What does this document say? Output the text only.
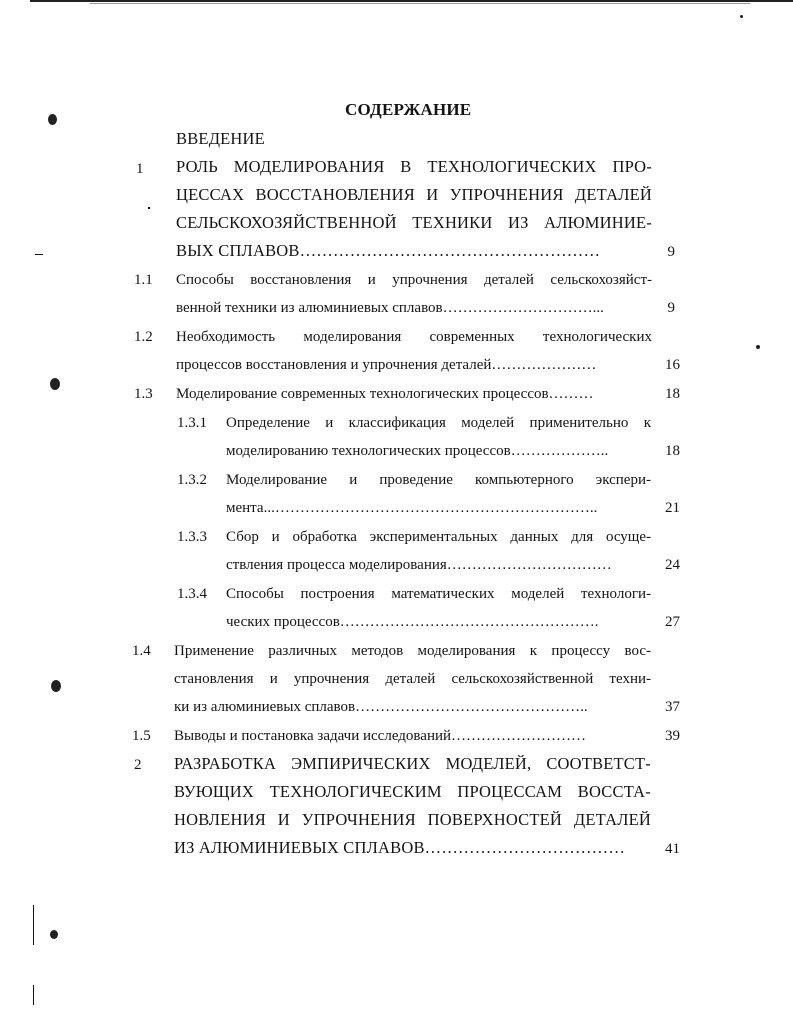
СОДЕРЖАНИЕ
ВВЕДЕНИЕ
1 РОЛЬ МОДЕЛИРОВАНИЯ В ТЕХНОЛОГИЧЕСКИХ ПРО-
ЦЕССАХ ВОССТАНОВЛЕНИЯ И УПРОЧНЕНИЯ ДЕТАЛЕЙ
СЕЛЬСКОХОЗЯЙСТВЕННОЙ ТЕХНИКИ ИЗ АЛЮМИНИЕ-
ВЫХ СПЛАВОВ………………………………………………	9
1.1 Способы восстановления и упрочнения деталей сельскохозяйст-
венной техники из алюминиевых сплавов…………………………...	9
1.2 Необходимость моделирования современных технологических
процессов восстановления и упрочнения деталей…………………	16
1.3 Моделирование современных технологических процессов………	18
1.3.1 Определение и классификация моделей применительно к
моделированию технологических процессов………………..	18
1.3.2 Моделирование и проведение компьютерного экспери-
мента...………………………………………………………..	21
1.3.3 Сбор и обработка экспериментальных данных для осуще-
ствления процесса моделирования……………………………	24
1.3.4 Способы построения математических моделей технологи-
ческих процессов…………………………………………….	27
1.4 Применение различных методов моделирования к процессу вос-
становления и упрочнения деталей сельскохозяйственной техни-
ки из алюминиевых сплавов………………………………………..	37
1.5 Выводы и постановка задачи исследований………………………	39
2 РАЗРАБОТКА ЭМПИРИЧЕСКИХ МОДЕЛЕЙ, СООТВЕТСТ-
ВУЮЩИХ ТЕХНОЛОГИЧЕСКИМ ПРОЦЕССАМ ВОССТА-
НОВЛЕНИЯ И УПРОЧНЕНИЯ ПОВЕРХНОСТЕЙ ДЕТАЛЕЙ
ИЗ АЛЮМИНИЕВЫХ СПЛАВОВ………………………………	41
